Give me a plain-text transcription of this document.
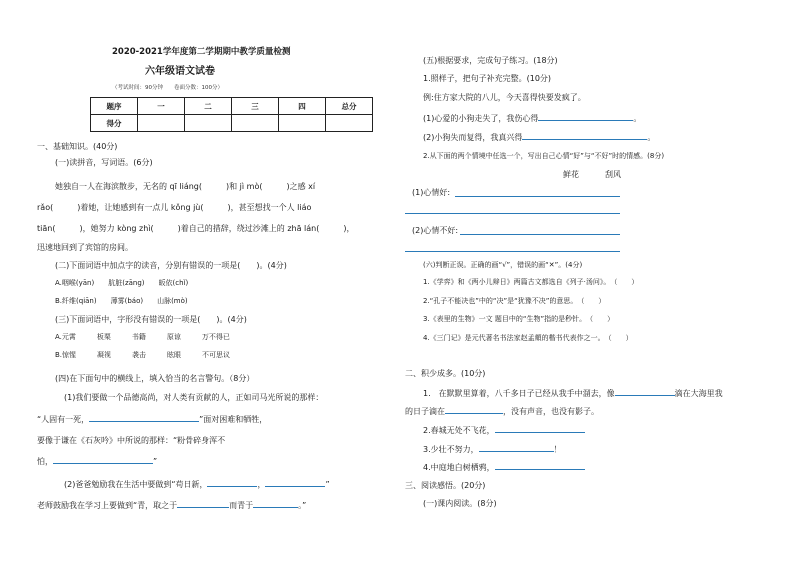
2020-2021学年度第二学期期中教学质量检测
六年级语文试卷
（考试时间：90分钟　　卷面分数：100分）
题序	一	二	三	四	总分
得分					
一、基础知识。(40分)
(一)读拼音，写词语。(6分)
她独自一人在海滨散步，无名的 qī liáng(　　　)和 jì mò(　　　)之感 xí
rǎo(　　　)着她，让她感到有一点儿 kǒng jù(　　　)，甚至想找一个人 liáo
tiān(　　　)，她努力 kòng zhì(　　　)着自己的措辞，绕过沙滩上的 zhā lán(　　　)，
迅速地回到了宾馆的房间。
(二)下面词语中加点字的读音，分别有错误的一项是(　　)。(4分)
A.咽喉(yān)　　肮脏(zāng)　　皈依(chǐ)
B.纤维(qiān)　　薄雾(báo)　　山脉(mò)
(三)下面词语中，字形没有错误的一项是(　　)。(4分)
A.元霄　　　板栗　　　书籍　　　原谅　　　万不得已
B.惊惺　　　凝视　　　袭击　　　眩眼　　　不可思议
(四)在下面句中的横线上，填入恰当的名言警句。（8分）
(1)我们要做一个品德高尚，对人类有贡献的人，正如司马光所说的那样：
“人固有一死，	”面对困难和牺牲，
要像于谦在《石灰吟》中所说的那样：“粉骨碎身浑不
怕，	”
(2)爸爸勉励我在生活中要做到“苟日新，	，	”
老师鼓励我在学习上要做到“青，取之于	而青于	。”
(五)根据要求，完成句子练习。(18分)
1.照样子，把句子补充完整。(10分)
例:住方家大院的八儿，今天喜得快要发疯了。
(1)心爱的小狗走失了，我伤心得	。
(2)小狗失而复得，我真兴得	。
2.从下面的两个情境中任选一个，写出自己心情“好”与“不好”时的情感。(8分)
鲜花	刮风
(1)心情好:
(2)心情不好:
(六)判断正误。正确的画“√”，错误的画“✕”。(4分)
1.《学弈》和《两小儿辩日》两篇古文都选自《列子·汤问》。　（　　）
2.“孔子不能决也”中的“决”是“犹豫不决”的意思。　（　　）
3.《表里的生物》一文 题目中的“生物”指的是秒针。　（　　）
4.《三门记》是元代著名书法家赵孟頫的楷书代表作之一。　（　　）
二、积少成多。(10分)
1.　在默默里算着，八千多日子已经从我手中溜去，像	滴在大海里我
的日子滴在	，没有声音，也没有影子。
2.春城无处不飞花，
3.少壮不努力，	！
4.中庭地白树栖鸦，
三、阅读感悟。(20分)
(一)课内阅读。(8分)
